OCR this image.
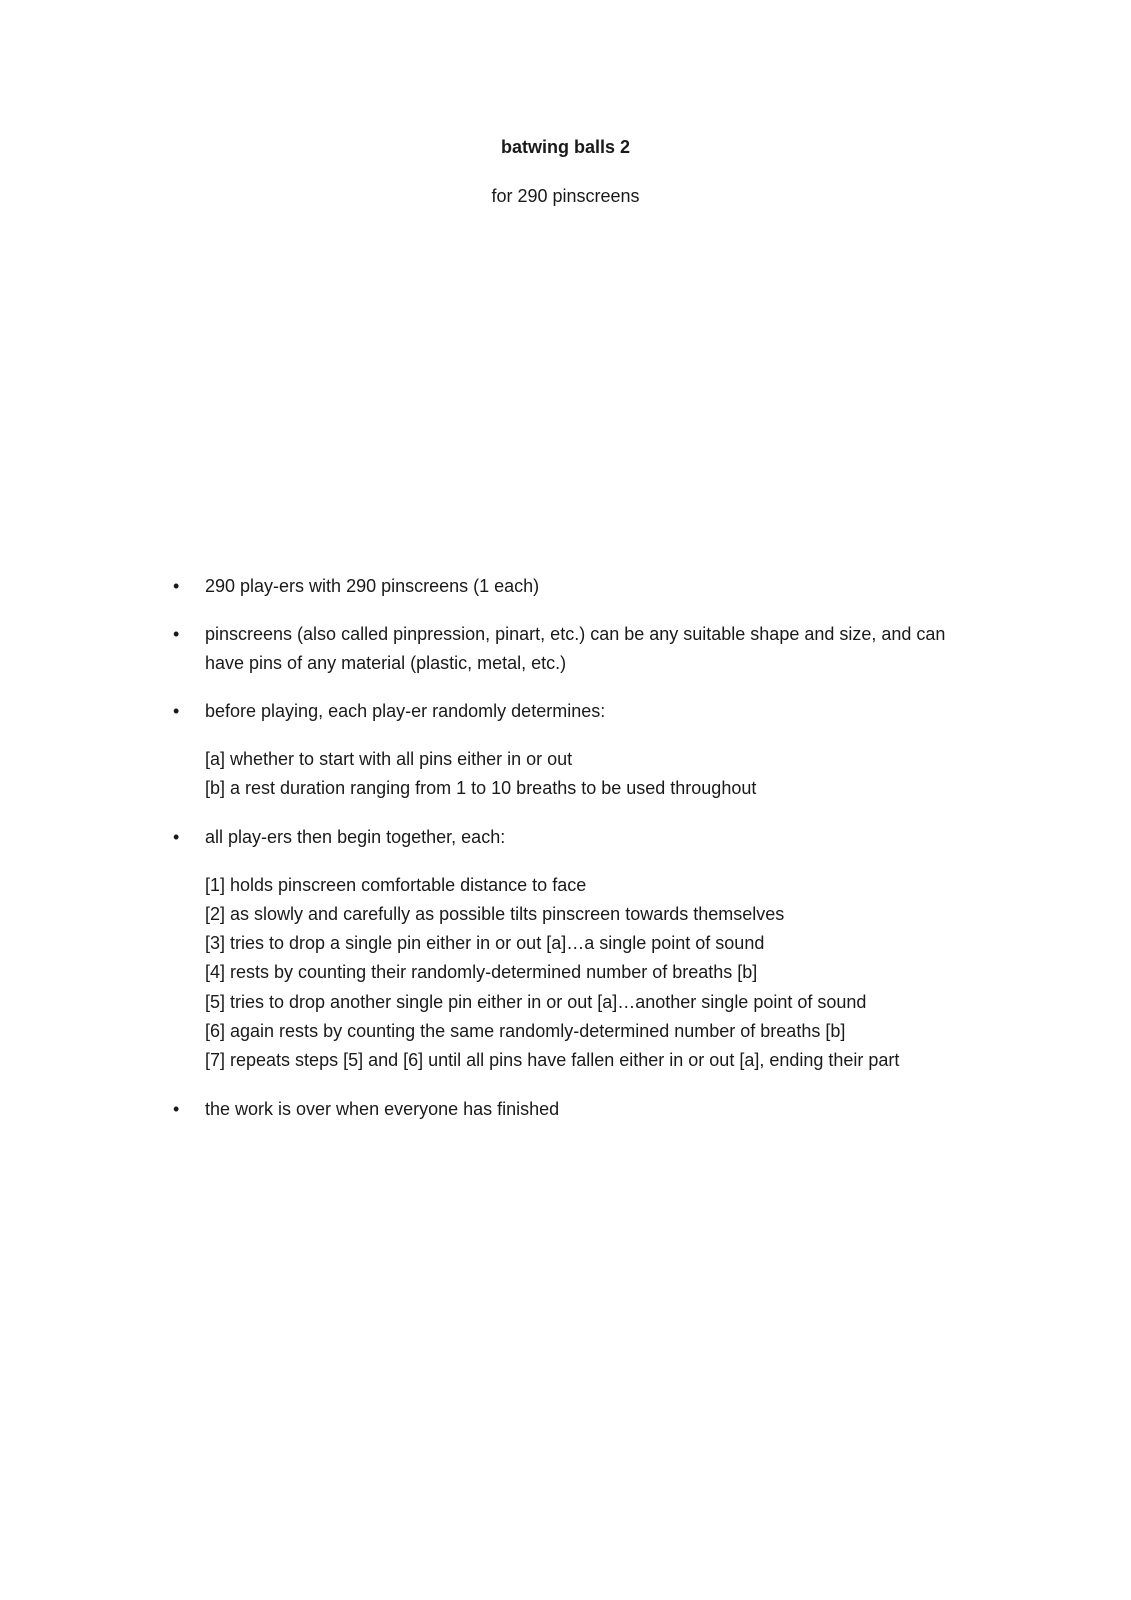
batwing balls 2

for 290 pinscreens

• 290 play-ers with 290 pinscreens (1 each)
• pinscreens (also called pinpression, pinart, etc.) can be any suitable shape and size, and can have pins of any material (plastic, metal, etc.)
• before playing, each play-er randomly determines:
[a] whether to start with all pins either in or out
[b] a rest duration ranging from 1 to 10 breaths to be used throughout
• all play-ers then begin together, each:
[1] holds pinscreen comfortable distance to face
[2] as slowly and carefully as possible tilts pinscreen towards themselves
[3] tries to drop a single pin either in or out [a]…a single point of sound
[4] rests by counting their randomly-determined number of breaths [b]
[5] tries to drop another single pin either in or out [a]…another single point of sound
[6] again rests by counting the same randomly-determined number of breaths [b]
[7] repeats steps [5] and [6] until all pins have fallen either in or out [a], ending their part
• the work is over when everyone has finished
